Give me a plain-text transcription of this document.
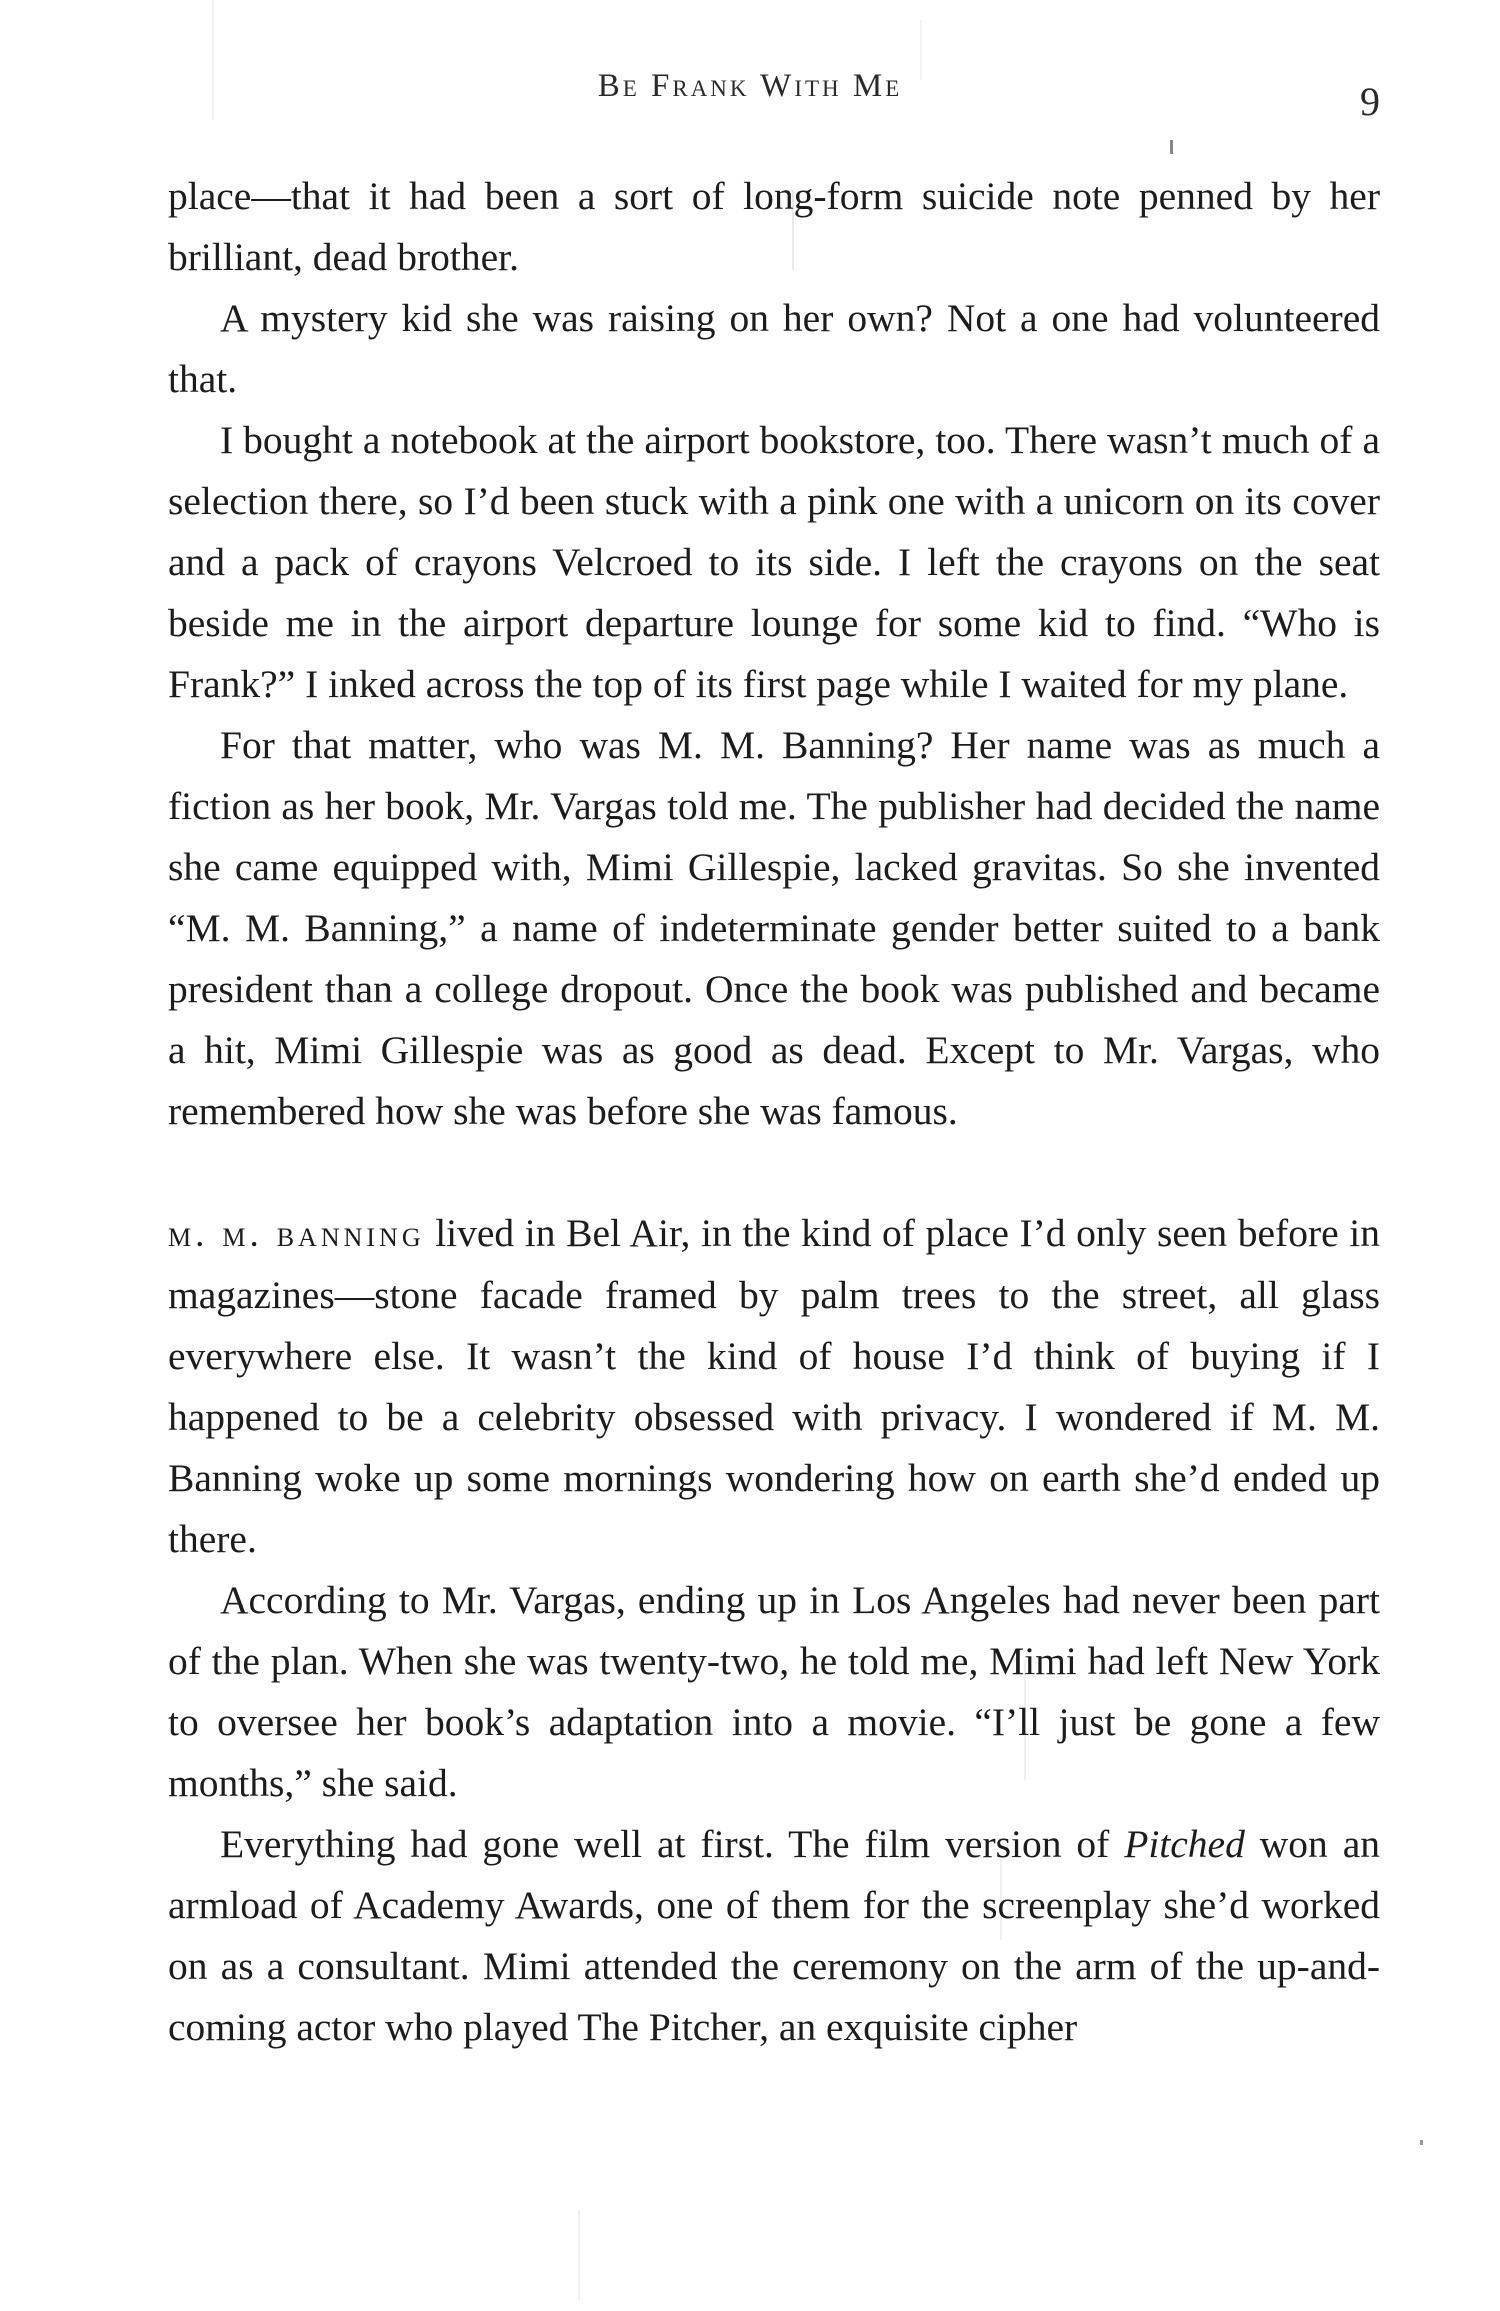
Be Frank With Me	9

place—that it had been a sort of long-form suicide note penned by her brilliant, dead brother.

A mystery kid she was raising on her own? Not a one had volunteered that.

I bought a notebook at the airport bookstore, too. There wasn’t much of a selection there, so I’d been stuck with a pink one with a unicorn on its cover and a pack of crayons Velcroed to its side. I left the crayons on the seat beside me in the airport departure lounge for some kid to find. “Who is Frank?” I inked across the top of its first page while I waited for my plane.

For that matter, who was M. M. Banning? Her name was as much a fiction as her book, Mr. Vargas told me. The publisher had decided the name she came equipped with, Mimi Gillespie, lacked gravitas. So she invented “M. M. Banning,” a name of indeterminate gender better suited to a bank president than a college dropout. Once the book was published and became a hit, Mimi Gillespie was as good as dead. Except to Mr. Vargas, who remembered how she was before she was famous.

m. m. banning lived in Bel Air, in the kind of place I’d only seen before in magazines—stone facade framed by palm trees to the street, all glass everywhere else. It wasn’t the kind of house I’d think of buying if I happened to be a celebrity obsessed with privacy. I wondered if M. M. Banning woke up some mornings wondering how on earth she’d ended up there.

According to Mr. Vargas, ending up in Los Angeles had never been part of the plan. When she was twenty-two, he told me, Mimi had left New York to oversee her book’s adaptation into a movie. “I’ll just be gone a few months,” she said.

Everything had gone well at first. The film version of Pitched won an armload of Academy Awards, one of them for the screenplay she’d worked on as a consultant. Mimi attended the ceremony on the arm of the up-and-coming actor who played The Pitcher, an exquisite cipher
